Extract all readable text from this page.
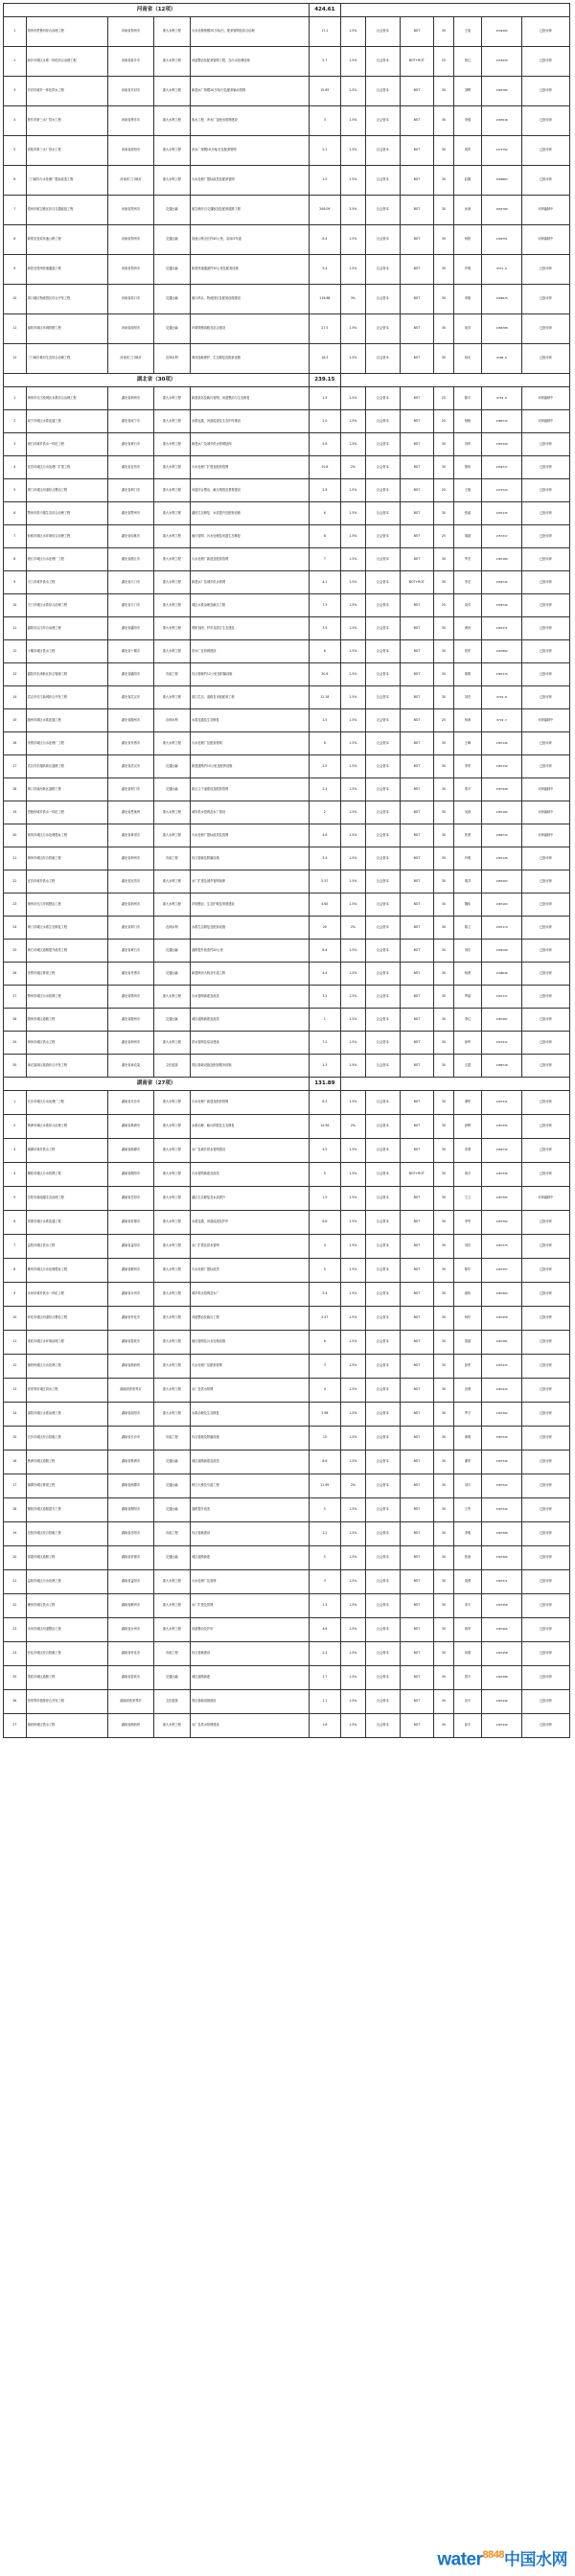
河南省（12项）					424.61							
1	郑州市贾鲁河综合治理工程	河南省郑州市	重大水利工程	污水处理规模25万吨/日，配套管网及综合治理	17.1	1.5%	社会资本	BOT	30	王旭	1539365	已批可研
2	新乡市城区水系一体化综合治理工程	河南省新乡市	重大水利工程	河道整治及配套管网工程，含污水处理设施	5.7	1.5%	社会资本	BOT+ROT	25	张红	1378239	已批可研
3	开封市城乡一体化供水工程	河南省开封市	重大水利工程	新建水厂规模20万吨/日及配套输水管网	15.85	2.5%	社会资本	BOT	30	刘辉	1383786	已批可研
4	焦作市第三水厂供水工程	河南省焦作市	重大水利工程	取水工程、净水厂及配水管网建设	3	1.5%	社会资本	BOT	30	李强	1393918	已批可研
5	洛阳市第三水厂供水工程	河南省洛阳市	重大水利工程	净水厂规模10万吨/日及配套管网	5.1	1.5%	社会资本	BOT	30	周军	1373792	已批可研
6	三门峡市污水处理厂提标改造工程	河南省三门峡市	重大水利工程	污水处理厂提标改造及配套管网	1.5	1.5%	社会资本	BOT	30	赵刚	1599883	已批可研
7	郑州市航空港区综合交通枢纽工程	河南省郑州市	交通运输	航空港综合交通枢纽及配套道路工程	206.09	3.5%	社会资本	BOT	30	孙涛	1563789	可研编制中
8	新郑至登封高速公路工程	河南省郑州市	交通运输	高速公路全长约40公里，双向四车道	8.4	1.5%	社会资本	BOT	30	杨阳	1369751	可研编制中
9	新密至郑州快速通道工程	河南省郑州市	交通运输	新建快速通道约30公里及配套设施	5.4	1.5%	社会资本	BOT	30	许明	0371-6	已批可研
10	周口港区物流园区综合开发工程	河南省周口市	交通运输	港口码头、物流园区及配套设施建设	116.68	3%	社会资本	BOT	30	邓敏	1368975	已批可研
11	南阳市城区环城铁路工程	河南省南阳市	交通运输	环城铁路线路及站点建设	27.5	1.5%	社会资本	BOT	30	何芳	1386708	已批可研
12	三门峡市黄河生态综合治理工程	河南省三门峡市	农林水利	黄河湿地保护、生态修复及配套设施	18.3	1.5%	社会资本	BOT	30	杨光	0398-6	已批可研
湖北省（30项）					239.15							
1	荆州市长江段城区水系综合治理工程	湖北省荆州市	重大水利工程	新建泵站及截污管网，河道整治与生态修复	1.5	1.5%	社会资本	BOT	25	陈平	0716-8	可研编制中
2	咸宁市城区水系连通工程	湖北省咸宁市	重大水利工程	水系连通、河道疏浚及生态护岸建设	2.0	1.5%	社会资本	BOT	25	杨帆	1380715	可研编制中
3	黄石市城乡供水一体化工程	湖北省黄石市	重大水利工程	新建水厂及城乡供水管网延伸	5.6	1.5%	社会资本	BOT	30	刘军	1387220	已批可研
4	宜昌市城区污水处理厂扩建工程	湖北省宜昌市	重大水利工程	污水处理厂扩建及配套管网	10.8	2%	社会资本	BOT	30	熊伟	1369717	已批可研
5	荆门市城区河道综合整治工程	湖北省荆门市	重大水利工程	河道综合整治、截污纳管及景观建设	2.9	1.5%	社会资本	BOT	25	王敏	1379724	已批可研
6	鄂州市梁子湖生态综合治理工程	湖北省鄂州市	重大水利工程	湖泊生态修复、水质提升及配套设施	6	1.5%	社会资本	BOT	30	张丽	1397115	已批可研
7	仙桃市城区水环境综合治理工程	湖北省仙桃市	重大水利工程	截污管网、污水处理及河道生态修复	8	1.5%	社会资本	BOT	25	胡斌	1357217	已批可研
8	潜江市城区污水处理厂工程	湖北省潜江市	重大水利工程	污水处理厂新建及配套管网	7	1.5%	社会资本	BOT	30	罗杰	1387189	已批可研
9	天门市城乡供水工程	湖北省天门市	重大水利工程	新建水厂及城乡供水管网	4.1	1.5%	社会资本	BOT+ROT	30	李宏	1360726	已批可研
10	天门市城区水系综合治理工程	湖北省天门市	重大水利工程	城区水系治理及截污工程	7.3	1.5%	社会资本	BOT	25	周芳	1399726	已批可研
11	襄阳市汉江综合治理工程	湖北省襄阳市	重大水利工程	堤防加固、护岸及滨江生态建设	3.9	1.5%	社会资本	BOT	30	黄河	1387271	已批可研
12	十堰市城区供水工程	湖北省十堰市	重大水利工程	供水厂及管网建设	6	1.5%	社会资本	BOT	30	曾军	1397862	已批可研
13	襄阳市东津新区综合管廊工程	湖北省襄阳市	市政工程	综合管廊约12公里及附属设施	30.6	2.5%	社会资本	BOT	30	胡明	1387276	已批可研
14	武汉市长江新城综合开发工程	湖北省武汉市	重大水利工程	滨江生态、道路及市政配套工程	12.18	1.5%	社会资本	BOT	30	刘杰	0719-8	已批可研
15	随州市城区水系连通工程	湖北省随州市	农林水利	水系连通及生态修复	1.5	1.5%	社会资本	BOT	25	杨涛	0722-3	可研编制中
16	孝感市城区污水处理厂工程	湖北省孝感市	重大水利工程	污水处理厂及配套管网	6	1.5%	社会资本	BOT	30	王峰	1387126	已批可研
17	武汉市东湖高新区道路工程	湖北省武汉市	交通运输	新建道路约15公里及配套设施	2.5	1.5%	社会资本	BOT	30	李军	1387142	已批可研
18	荆门市漳河新区道路工程	湖北省荆门市	交通运输	新区主干道建设及配套管网	2.4	1.5%	社会资本	BOT	30	郑平	1397228	可研编制中
19	恩施州城乡供水一体化工程	湖北省恩施州	重大水利工程	城乡供水管网及水厂建设	2	1.5%	社会资本	BOT	30	吴涛	1387182	可研编制中
20	黄冈市城区污水处理提标工程	湖北省黄冈市	重大水利工程	污水处理厂提标改造及管网	4.6	1.5%	社会资本	BOT	30	张勇	1360715	可研编制中
21	荆州市城区综合管廊工程	湖北省荆州市	市政工程	综合管廊及附属设施	3.4	1.5%	社会资本	BOT	30	肖明	1367126	已批可研
22	宜昌市城乡供水工程	湖北省宜昌市	重大水利工程	水厂扩建及城乡管网延伸	5.57	1.5%	社会资本	BOT	30	胡芳	1387203	已批可研
23	荆州市长江岸线整治工程	湖北省荆州市	重大水利工程	岸线整治、生态护坡及景观建设	4.65	1.5%	社会资本	BOT	30	魏伟	1387163	已批可研
24	荆门市城区水系生态修复工程	湖北省荆门市	农林水利	水系生态修复及配套设施	20	2%	社会资本	BOT	30	陈立	1397174	已批可研
25	黄石市城区道路提升改造工程	湖北省黄石市	交通运输	道路提升改造约20公里	8.4	1.5%	社会资本	BOT	30	刘东	1399700	已批可研
26	孝感市城区桥梁工程	湖北省孝感市	交通运输	新建跨河大桥及引道工程	4.4	1.5%	社会资本	BOT	30	杨勇	1338640	已批可研
27	鄂州市城区污水管网工程	湖北省鄂州市	重大水利工程	污水管网新建及改造	3.2	1.5%	社会资本	BOT	30	罗斌	1397117	已批可研
28	随州市城区道路工程	湖北省随州市	交通运输	城区道路新建及改造	1	1.5%	社会资本	BOT	30	李红	1387287	已批可研
29	荆州市城区供水工程	湖北省荆州市	重大水利工程	供水管网及泵站建设	7.2	1.5%	社会资本	BOT	30	徐军	1397211	已批可研
30	神农架林区旅游综合开发工程	湖北省神农架	文化旅游	景区基础设施及配套服务设施	1.3	1.5%	社会资本	BOT	30	王超	1380718	已批可研
湖南省（27项）					131.89							
1	长沙市城区污水处理厂工程	湖南省长沙市	重大水利工程	污水处理厂新建及配套管网	6.3	1.5%	社会资本	BOT	30	谭军	1397311	已批可研
2	株洲市城区水系综合治理工程	湖南省株洲市	重大水利工程	水系治理、截污纳管及生态修复	14.58	2%	社会资本	BOT	30	彭辉	1387331	已批可研
3	湘潭市城乡供水工程	湖南省湘潭市	重大水利工程	水厂及城乡供水管网建设	4.5	1.5%	社会资本	BOT	30	邓勇	1369732	已批可研
4	衡阳市城区污水管网工程	湖南省衡阳市	重大水利工程	污水管网新建及改造	5	1.5%	社会资本	BOT+ROT	30	周平	1387340	已批可研
5	岳阳市洞庭湖生态治理工程	湖南省岳阳市	重大水利工程	湖区生态修复及水质提升	1.5	1.5%	社会资本	BOT	30	王立	1387305	可研编制中
6	常德市城区水系连通工程	湖南省常德市	重大水利工程	水系连通、河道疏浚及护岸	6.8	1.5%	社会资本	BOT	30	李军	1397362	已批可研
7	益阳市城区供水工程	湖南省益阳市	重大水利工程	水厂扩建及供水管网	4	1.5%	社会资本	BOT	30	刘洋	1387375	已批可研
8	郴州市城区污水处理提标工程	湖南省郴州市	重大水利工程	污水处理厂提标改造	5	1.5%	社会资本	BOT	30	陈华	1397357	已批可研
9	永州市城乡供水一体化工程	湖南省永州市	重大水利工程	城乡供水管网及水厂	5.4	1.5%	社会资本	BOT	30	唐伟	1387460	已批可研
10	怀化市城区河道综合整治工程	湖南省怀化市	重大水利工程	河道整治及截污工程	3.47	1.5%	社会资本	BOT	30	杨华	1397450	已批可研
11	娄底市城区水环境治理工程	湖南省娄底市	重大水利工程	截污管网及污水处理设施	6	1.5%	社会资本	BOT	30	曾斌	1387381	已批可研
12	湘西州城区污水处理工程	湖南省湘西州	重大水利工程	污水处理厂及配套管网	3	1.5%	社会资本	BOT	30	彭军	1397433	已批可研
13	张家界市城区供水工程	湖南省张家界市	重大水利工程	水厂及供水管网	4	1.5%	社会资本	BOT	30	田勇	1387443	已批可研
14	邵阳市城区水系治理工程	湖南省邵阳市	重大水利工程	水系治理及生态修复	3.98	1.5%	社会资本	BOT	30	罗平	1397392	已批可研
15	长沙市城区综合管廊工程	湖南省长沙市	市政工程	综合管廊及附属设施	10	1.5%	社会资本	BOT	30	黄明	1387316	已批可研
16	株洲市城区道路工程	湖南省株洲市	交通运输	城区道路新建及改造	8.6	1.5%	社会资本	BOT	30	谢军	1397330	已批可研
17	湘潭市城区桥梁工程	湖南省湘潭市	交通运输	跨江大桥及引道工程	11.95	2%	社会资本	BOT	30	刘平	1387322	已批可研
18	衡阳市城区道路提升工程	湖南省衡阳市	交通运输	道路提升改造	5	1.5%	社会资本	BOT	30	王军	1397342	已批可研
19	岳阳市城区综合管廊工程	湖南省岳阳市	市政工程	综合管廊建设	2.2	1.5%	社会资本	BOT	30	李明	1387300	已批可研
20	常德市城区道路工程	湖南省常德市	交通运输	城区道路新建	5	1.5%	社会资本	BOT	30	张涛	1397365	已批可研
21	益阳市城区污水处理工程	湖南省益阳市	重大水利工程	污水处理厂及管网	3	1.5%	社会资本	BOT	30	周勇	1387371	已批可研
22	郴州市城区供水工程	湖南省郴州市	重大水利工程	水厂扩建及管网	1.3	1.5%	社会资本	BOT	30	邓平	1397350	已批可研
23	永州市城区河道整治工程	湖南省永州市	重大水利工程	河道整治及护岸	4.6	1.5%	社会资本	BOT	30	蒋军	1387466	已批可研
24	怀化市城区综合管廊工程	湖南省怀化市	市政工程	综合管廊建设	2.4	1.5%	社会资本	BOT	30	向明	1397458	已批可研
25	娄底市城区道路工程	湖南省娄底市	交通运输	城区道路新建	1.7	1.5%	社会资本	BOT	30	曾平	1387388	已批可研
26	张家界市旅游综合开发工程	湖南省张家界市	文化旅游	景区基础设施建设	1.1	1.5%	社会资本	BOT	30	田平	1387446	已批可研
27	湘西州城区供水工程	湖南省湘西州	重大水利工程	水厂及供水管网建设	1.6	1.5%	社会资本	BOT	30	彭平	1397439	已批可研
water$^{8848}$中国水网
